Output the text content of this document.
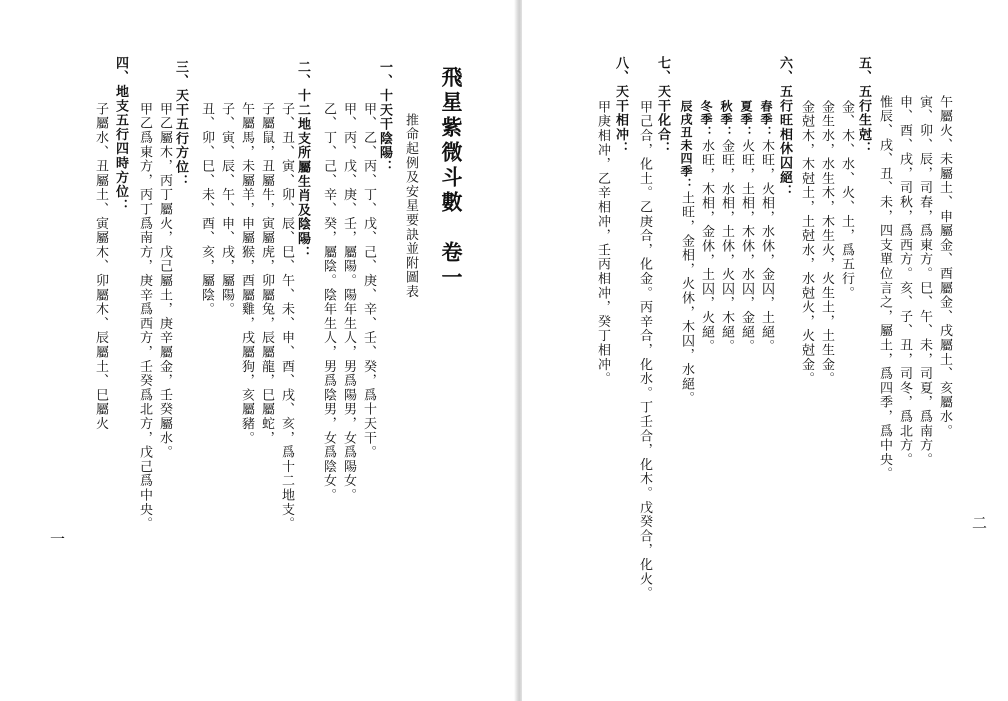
飛星紫微斗數　卷一
推命起例及安星要訣並附圖表
一、十天干陰陽：
甲、乙、丙、丁、戊、己、庚、辛、壬、癸，爲十天干。
甲、丙、戊、庚、壬，屬陽。陽年生人，男爲陽男，女爲陽女。
乙、丁、己、辛、癸，屬陰。陰年生人，男爲陰男，女爲陰女。
二、十二地支所屬生肖及陰陽：
子、丑、寅、卯、辰、巳、午、未、申、酉、戌、亥，爲十二地支。
子屬鼠，丑屬牛，寅屬虎，卯屬兔，辰屬龍，巳屬蛇，
午屬馬，未屬羊，申屬猴，酉屬雞，戌屬狗，亥屬豬。
子、寅、辰、午、申、戌，屬陽。
丑、卯、巳、未、酉、亥，屬陰。
三、天干五行方位：
甲乙屬木，丙丁屬火，戊己屬土，庚辛屬金，壬癸屬水。
甲乙爲東方，丙丁爲南方，庚辛爲西方，壬癸爲北方，戊己爲中央。
四、地支五行四時方位：
子屬水、丑屬土、寅屬木、卯屬木、辰屬土、巳屬火
一
午屬火、未屬土、申屬金、酉屬金、戌屬土、亥屬水。
寅、卯、辰，司春，爲東方。巳、午、未，司夏，爲南方。
申、酉、戌，司秋，爲西方。亥、子、丑，司冬，爲北方。
惟辰、戌、丑、未，四支單位言之，屬土，爲四季，爲中央。
五、五行生尅：
金、木、水、火、土，爲五行。
金生水，水生木，木生火，火生土，土生金。
金尅木，木尅土，土尅水，水尅火，火尅金。
六、五行旺相休囚絕：
春季：木旺，火相，水休，金囚，土絕。
夏季：火旺，土相，木休，水囚，金絕。
秋季：金旺，水相，土休，火囚，木絕。
冬季：水旺，木相，金休，土囚，火絕。
辰戌丑未四季：土旺，金相，火休，木囚，水絕。
七、天干化合：
甲己合，化土。乙庚合，化金。丙辛合，化水。丁壬合，化木。戊癸合，化火。
八、天干相冲：
甲庚相冲，乙辛相冲，壬丙相冲，癸丁相冲。
二
